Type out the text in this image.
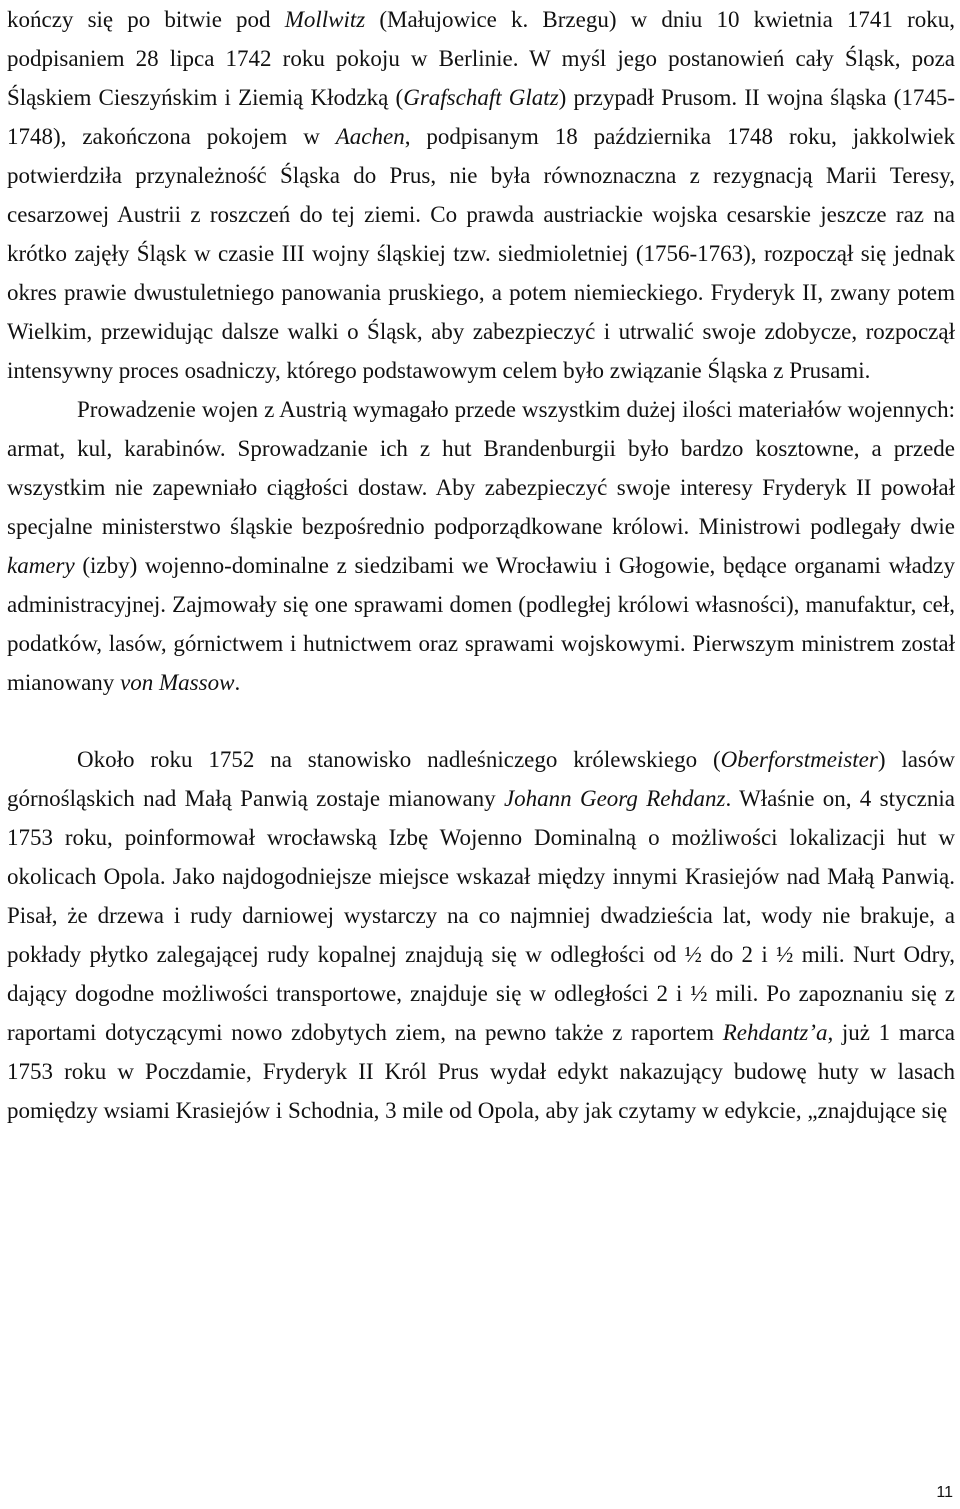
kończy się po bitwie pod Mollwitz (Małujowice k. Brzegu) w dniu 10 kwietnia 1741 roku, podpisaniem 28 lipca 1742 roku pokoju w Berlinie. W myśl jego postanowień cały Śląsk, poza Śląskiem Cieszyńskim i Ziemią Kłodzką (Grafschaft Glatz) przypadł Prusom. II wojna śląska (1745-1748), zakończona pokojem w Aachen, podpisanym 18 października 1748 roku, jakkolwiek potwierdziła przynależność Śląska do Prus, nie była równoznaczna z rezygnacją Marii Teresy, cesarzowej Austrii z roszczeń do tej ziemi. Co prawda austriackie wojska cesarskie jeszcze raz na krótko zajęły Śląsk w czasie III wojny śląskiej tzw. siedmioletniej (1756-1763), rozpoczął się jednak okres prawie dwustuletniego panowania pruskiego, a potem niemieckiego. Fryderyk II, zwany potem Wielkim, przewidując dalsze walki o Śląsk, aby zabezpieczyć i utrwalić swoje zdobycze, rozpoczął intensywny proces osadniczy, którego podstawowym celem było związanie Śląska z Prusami.

Prowadzenie wojen z Austrią wymagało przede wszystkim dużej ilości materiałów wojennych: armat, kul, karabinów. Sprowadzanie ich z hut Brandenburgii było bardzo kosztowne, a przede wszystkim nie zapewniało ciągłości dostaw. Aby zabezpieczyć swoje interesy Fryderyk II powołał specjalne ministerstwo śląskie bezpośrednio podporządkowane królowi. Ministrowi podlegały dwie kamery (izby) wojenno-dominalne z siedzibami we Wrocławiu i Głogowie, będące organami władzy administracyjnej. Zajmowały się one sprawami domen (podległej królowi własności), manufaktur, ceł, podatków, lasów, górnictwem i hutnictwem oraz sprawami wojskowymi. Pierwszym ministrem został mianowany von Massow.

Około roku 1752 na stanowisko nadleśniczego królewskiego (Oberforstmeister) lasów górnośląskich nad Małą Panwią zostaje mianowany Johann Georg Rehdanz. Właśnie on, 4 stycznia 1753 roku, poinformował wrocławską Izbę Wojenno Dominalną o możliwości lokalizacji hut w okolicach Opola. Jako najdogodniejsze miejsce wskazał między innymi Krasiejów nad Małą Panwią. Pisał, że drzewa i rudy darniowej wystarczy na co najmniej dwadzieścia lat, wody nie brakuje, a pokłady płytko zalegającej rudy kopalnej znajdują się w odległości od ½ do 2 i ½ mili. Nurt Odry, dający dogodne możliwości transportowe, znajduje się w odległości 2 i ½ mili. Po zapoznaniu się z raportami dotyczącymi nowo zdobytych ziem, na pewno także z raportem Rehdantz’a, już 1 marca 1753 roku w Poczdamie, Fryderyk II Król Prus wydał edykt nakazujący budowę huty w lasach pomiędzy wsiami Krasiejów i Schodnia, 3 mile od Opola, aby jak czytamy w edykcie, „znajdujące się

11
